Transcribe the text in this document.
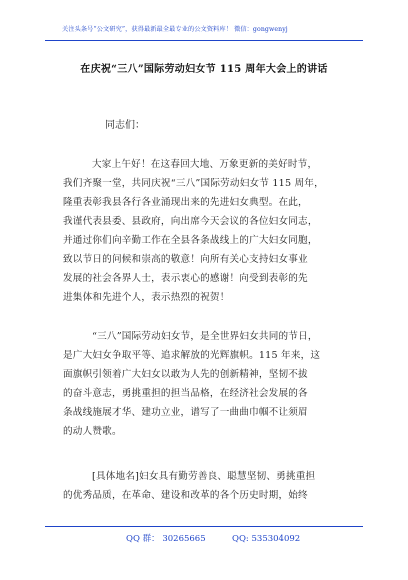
关注头条号“公文研究”，获得最新最全最专业的公文资料库！ 微信：gongwenyj
在庆祝“三八”国际劳动妇女节 115 周年大会上的讲话
同志们：
大家上午好！在这春回大地、万象更新的美好时节，
我们齐聚一堂，共同庆祝“三八”国际劳动妇女节 115 周年，
隆重表彰我县各行各业涌现出来的先进妇女典型。在此，
我谨代表县委、县政府，向出席今天会议的各位妇女同志，
并通过你们向辛勤工作在全县各条战线上的广大妇女同胞，
致以节日的问候和崇高的敬意！向所有关心支持妇女事业
发展的社会各界人士，表示衷心的感谢！向受到表彰的先
进集体和先进个人，表示热烈的祝贺！
“三八”国际劳动妇女节，是全世界妇女共同的节日，
是广大妇女争取平等、追求解放的光辉旗帜。115 年来，这
面旗帜引领着广大妇女以敢为人先的创新精神，坚韧不拔
的奋斗意志，勇挑重担的担当品格，在经济社会发展的各
条战线施展才华、建功立业，谱写了一曲曲巾帼不让须眉
的动人赞歌。
[具体地名]妇女具有勤劳善良、聪慧坚韧、勇挑重担
的优秀品质，在革命、建设和改革的各个历史时期，始终
QQ 群： 30265665	QQ: 535304092
